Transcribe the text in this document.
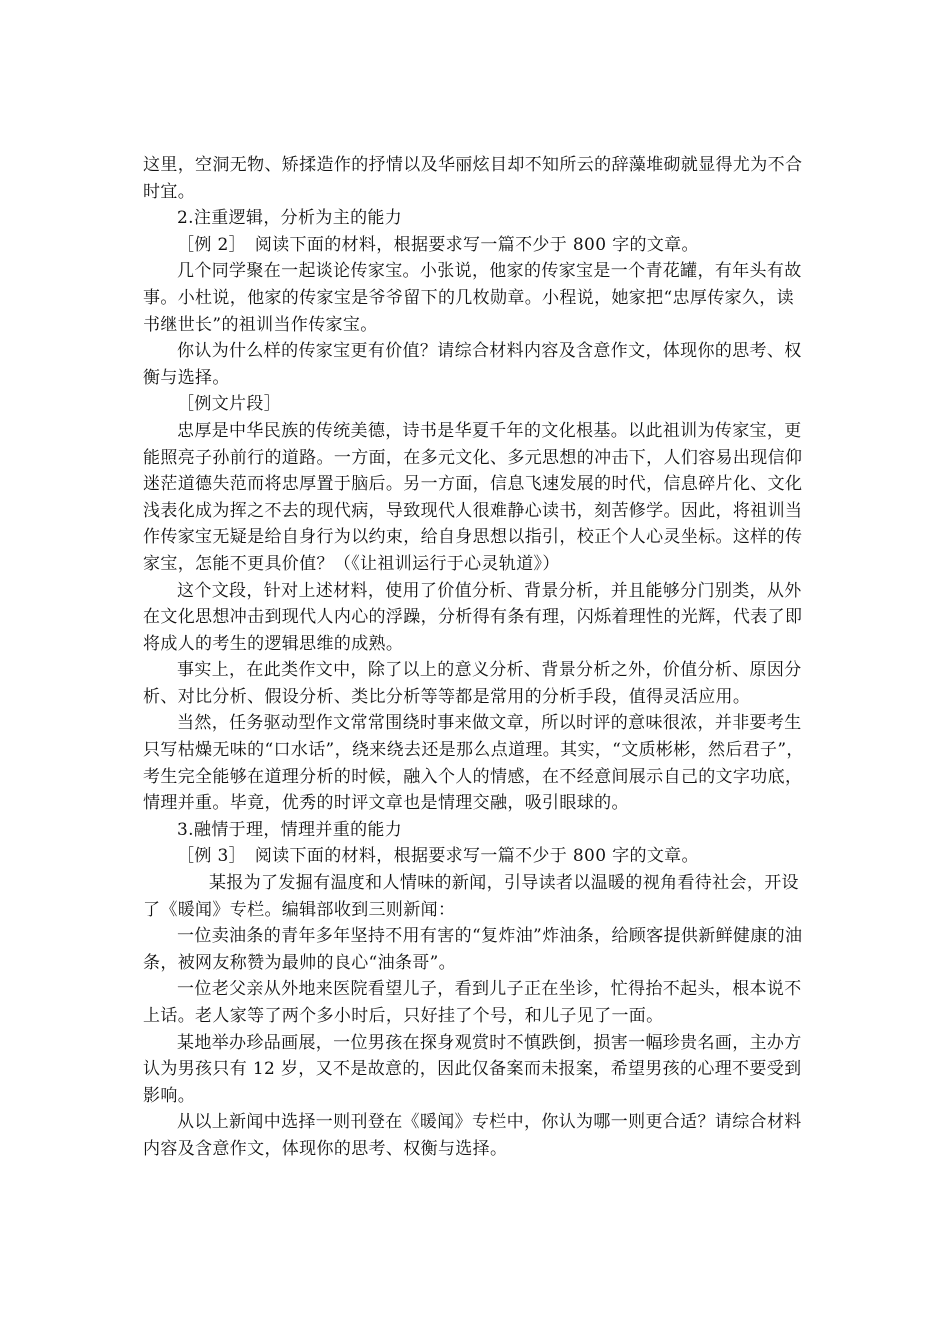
这里，空洞无物、矫揉造作的抒情以及华丽炫目却不知所云的辞藻堆砌就显得尤为不合时宜。

2.注重逻辑，分析为主的能力

［例 2］　阅读下面的材料，根据要求写一篇不少于 800 字的文章。

几个同学聚在一起谈论传家宝。小张说，他家的传家宝是一个青花罐，有年头有故事。小杜说，他家的传家宝是爷爷留下的几枚勋章。小程说，她家把“忠厚传家久，读书继世长”的祖训当作传家宝。

你认为什么样的传家宝更有价值？请综合材料内容及含意作文，体现你的思考、权衡与选择。

［例文片段］

忠厚是中华民族的传统美德，诗书是华夏千年的文化根基。以此祖训为传家宝，更能照亮子孙前行的道路。一方面，在多元文化、多元思想的冲击下，人们容易出现信仰迷茫道德失范而将忠厚置于脑后。另一方面，信息飞速发展的时代，信息碎片化、文化浅表化成为挥之不去的现代病，导致现代人很难静心读书，刻苦修学。因此，将祖训当作传家宝无疑是给自身行为以约束，给自身思想以指引，校正个人心灵坐标。这样的传家宝，怎能不更具价值？（《让祖训运行于心灵轨道》）

这个文段，针对上述材料，使用了价值分析、背景分析，并且能够分门别类，从外在文化思想冲击到现代人内心的浮躁，分析得有条有理，闪烁着理性的光辉，代表了即将成人的考生的逻辑思维的成熟。

事实上，在此类作文中，除了以上的意义分析、背景分析之外，价值分析、原因分析、对比分析、假设分析、类比分析等等都是常用的分析手段，值得灵活应用。

当然，任务驱动型作文常常围绕时事来做文章，所以时评的意味很浓，并非要考生只写枯燥无味的“口水话”，绕来绕去还是那么点道理。其实，“文质彬彬，然后君子”，考生完全能够在道理分析的时候，融入个人的情感，在不经意间展示自己的文字功底，情理并重。毕竟，优秀的时评文章也是情理交融，吸引眼球的。

3.融情于理，情理并重的能力

［例 3］　阅读下面的材料，根据要求写一篇不少于 800 字的文章。

某报为了发掘有温度和人情味的新闻，引导读者以温暖的视角看待社会，开设了《暖闻》专栏。编辑部收到三则新闻：

一位卖油条的青年多年坚持不用有害的“复炸油”炸油条，给顾客提供新鲜健康的油条，被网友称赞为最帅的良心“油条哥”。

一位老父亲从外地来医院看望儿子，看到儿子正在坐诊，忙得抬不起头，根本说不上话。老人家等了两个多小时后，只好挂了个号，和儿子见了一面。

某地举办珍品画展，一位男孩在探身观赏时不慎跌倒，损害一幅珍贵名画，主办方认为男孩只有 12 岁，又不是故意的，因此仅备案而未报案，希望男孩的心理不要受到影响。

从以上新闻中选择一则刊登在《暖闻》专栏中，你认为哪一则更合适？请综合材料内容及含意作文，体现你的思考、权衡与选择。
